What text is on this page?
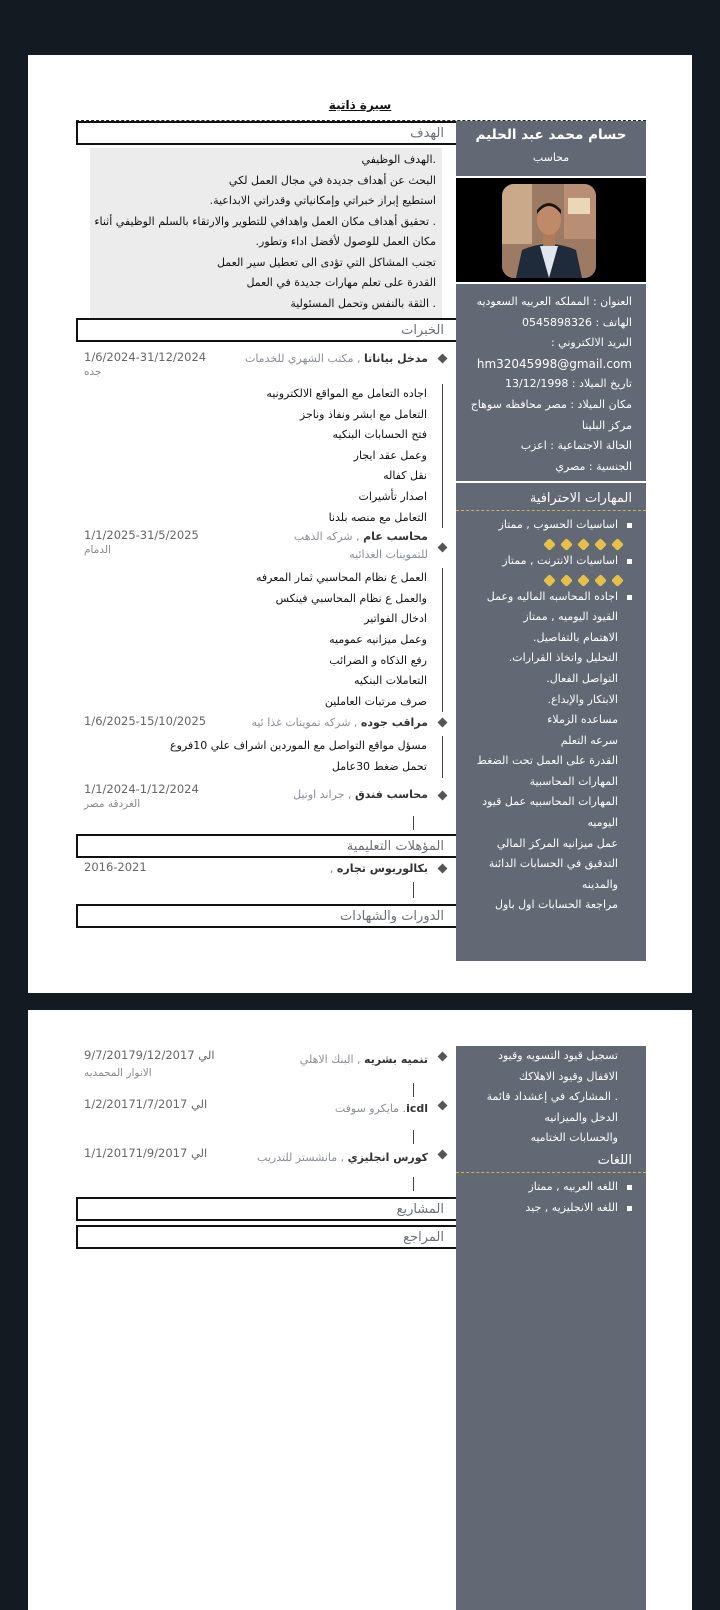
سيرة ذاتية
حسام محمد عبد الحليم
محاسب
العنوان : المملكه العربيه السعوديه
الهاتف : 0545898326
البريد الالكتروني :
hm32045998@gmail.com
تاريخ الميلاد : 13/12/1998
مكان الميلاد : مصر محافظه سوهاج
مركز البلينا
الحالة الاجتماعية : اعزب
الجنسية : مصري
المهارات الاحترافية
اساسيات الحسوب , ممتاز
اساسيات الانترنت , ممتاز
اجاده المحاسبه الماليه وعمل
القيود اليوميه , ممتاز
الاهتمام بالتفاصيل.
التحليل واتخاذ القرارات.
التواصل الفعال.
الابتكار والإبداع.
مساعده الزملاء
سرعه التعلم
القدرة على العمل تحت الضغط
المهارات المحاسبية
المهارات المحاسبيه عمل قيود
اليوميه
عمل ميزانيه المركز المالي
التدقيق في الحسابات الدائنة
والمدينه
مراجعة الحسابات اول باول
الهدف
.الهدف الوظيفي
البحث عن أهداف جديدة في مجال العمل لكي
استطيع إبراز خبراتي وإمكانياتي وقدراتي الابداعية.
. تحقيق أهداف مكان العمل واهدافي للتطوير والارتقاء بالسلم الوظيفي أثناء
مكان العمل للوصول لأفضل اداء وتطور.
تجنب المشاكل التي تؤدى الى تعطيل سير العمل
القدرة على تعلم مهارات جديدة في العمل
. الثقة بالنفس وتحمل المسئولية
الخبرات
مدخل بياناتا , مكتب الشهري للخدمات
1/6/2024-31/12/2024
جده
اجاده التعامل مع المواقع الالكترونيه
التعامل مع ابشر ونفاذ وناجز
فتح الحسابات البنكيه
وعمل عقد ايجار
نقل كفاله
اصدار تأشيرات
التعامل مع منصه بلدنا
محاسب عام , شركه الذهب للتموينات الغذائيه
1/1/2025-31/5/2025
الدمام
العمل ع نظام المحاسبي ثمار المعرفه
والعمل ع نظام المحاسبي فينكس
ادخال الفواتير
وعمل ميزانيه عموميه
رفع الذكاه و الضرائب
التعاملات البنكيه
صرف مرتبات العاملين
مراقب جوده , شركه تموينات غذا ئيه
1/6/2025-15/10/2025
مسؤل مواقع التواصل مع الموردين اشراف علي 10فروع
تحمل ضغط 30عامل
محاسب فندق , جراند اوتيل
1/1/2024-1/12/2024
الغردقه مصر
المؤهلات التعليمية
بكالوريوس تجاره ,
2016-2021
الدورات والشهادات
تسجيل قيود التسويه وقيود
الاقفال وقيود الاهلاكك
. المشاركه في إعشداد قائمة
الدخل والميزانيه
والحسابات الختاميه
اللغات
اللغه العربيه , ممتاز
اللغه الانجليزيه , جيد
تنميه بشريه , البنك الاهلي
9/7/2017الي 9/12/2017
الانوار المحمديه
icdl. مايكرو سوفت
1/2/2017الي 1/7/2017
كورس انجليزي , مانشستر للتدريب
1/1/2017الي 1/9/2017
المشاريع
المراجع
